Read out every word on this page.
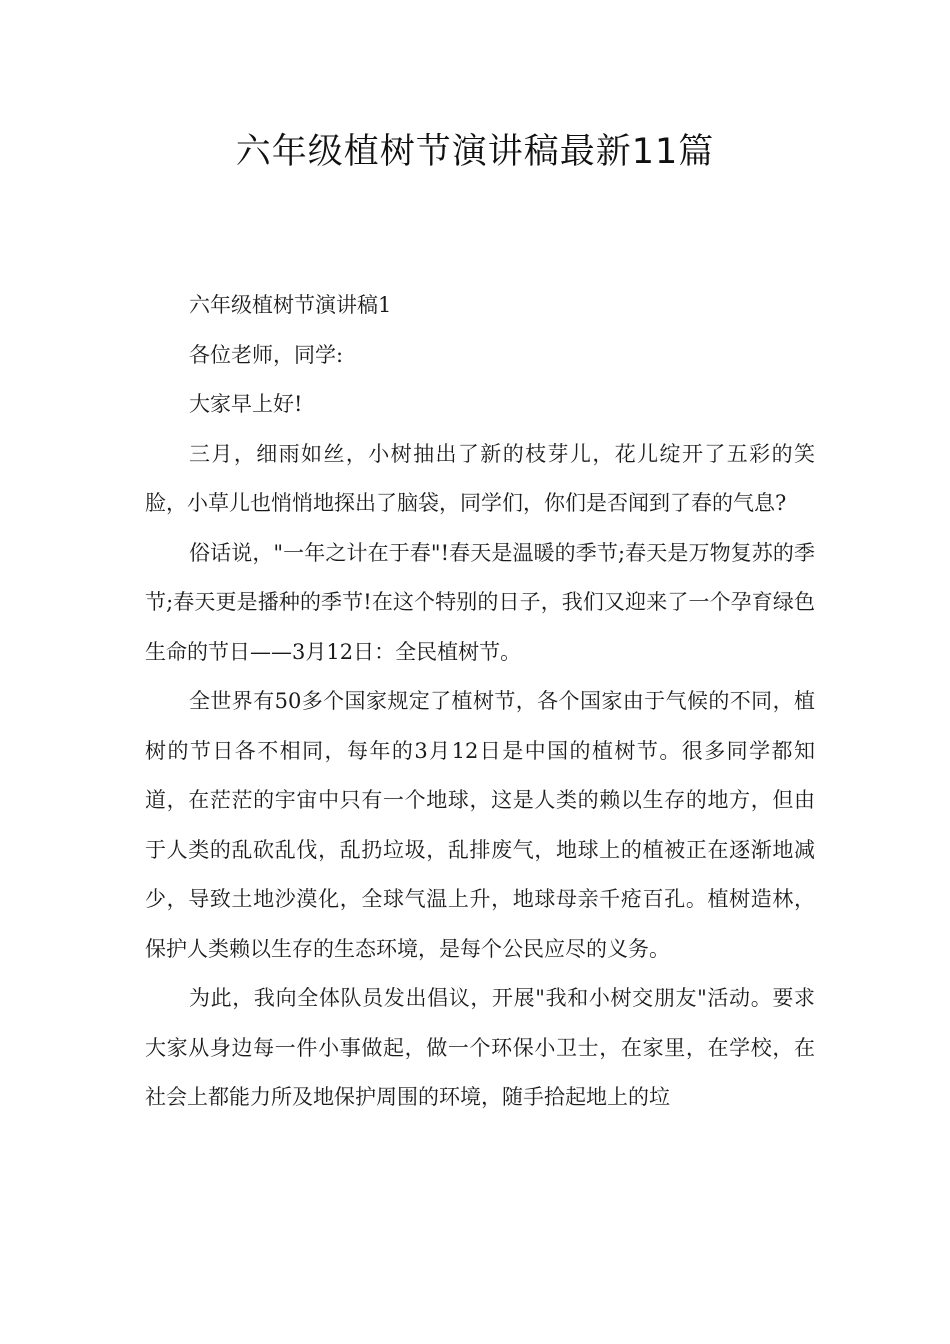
六年级植树节演讲稿最新11篇

六年级植树节演讲稿1

各位老师，同学:

大家早上好!

三月，细雨如丝，小树抽出了新的枝芽儿，花儿绽开了五彩的笑脸，小草儿也悄悄地探出了脑袋，同学们，你们是否闻到了春的气息?

俗话说，"一年之计在于春"!春天是温暖的季节;春天是万物复苏的季节;春天更是播种的季节!在这个特别的日子，我们又迎来了一个孕育绿色生命的节日——3月12日：全民植树节。

全世界有50多个国家规定了植树节，各个国家由于气候的不同，植树的节日各不相同，每年的3月12日是中国的植树节。很多同学都知道，在茫茫的宇宙中只有一个地球，这是人类的赖以生存的地方，但由于人类的乱砍乱伐，乱扔垃圾，乱排废气，地球上的植被正在逐渐地减少，导致土地沙漠化，全球气温上升，地球母亲千疮百孔。植树造林，保护人类赖以生存的生态环境，是每个公民应尽的义务。

为此，我向全体队员发出倡议，开展"我和小树交朋友"活动。要求大家从身边每一件小事做起，做一个环保小卫士，在家里，在学校，在社会上都能力所及地保护周围的环境，随手拾起地上的垃
